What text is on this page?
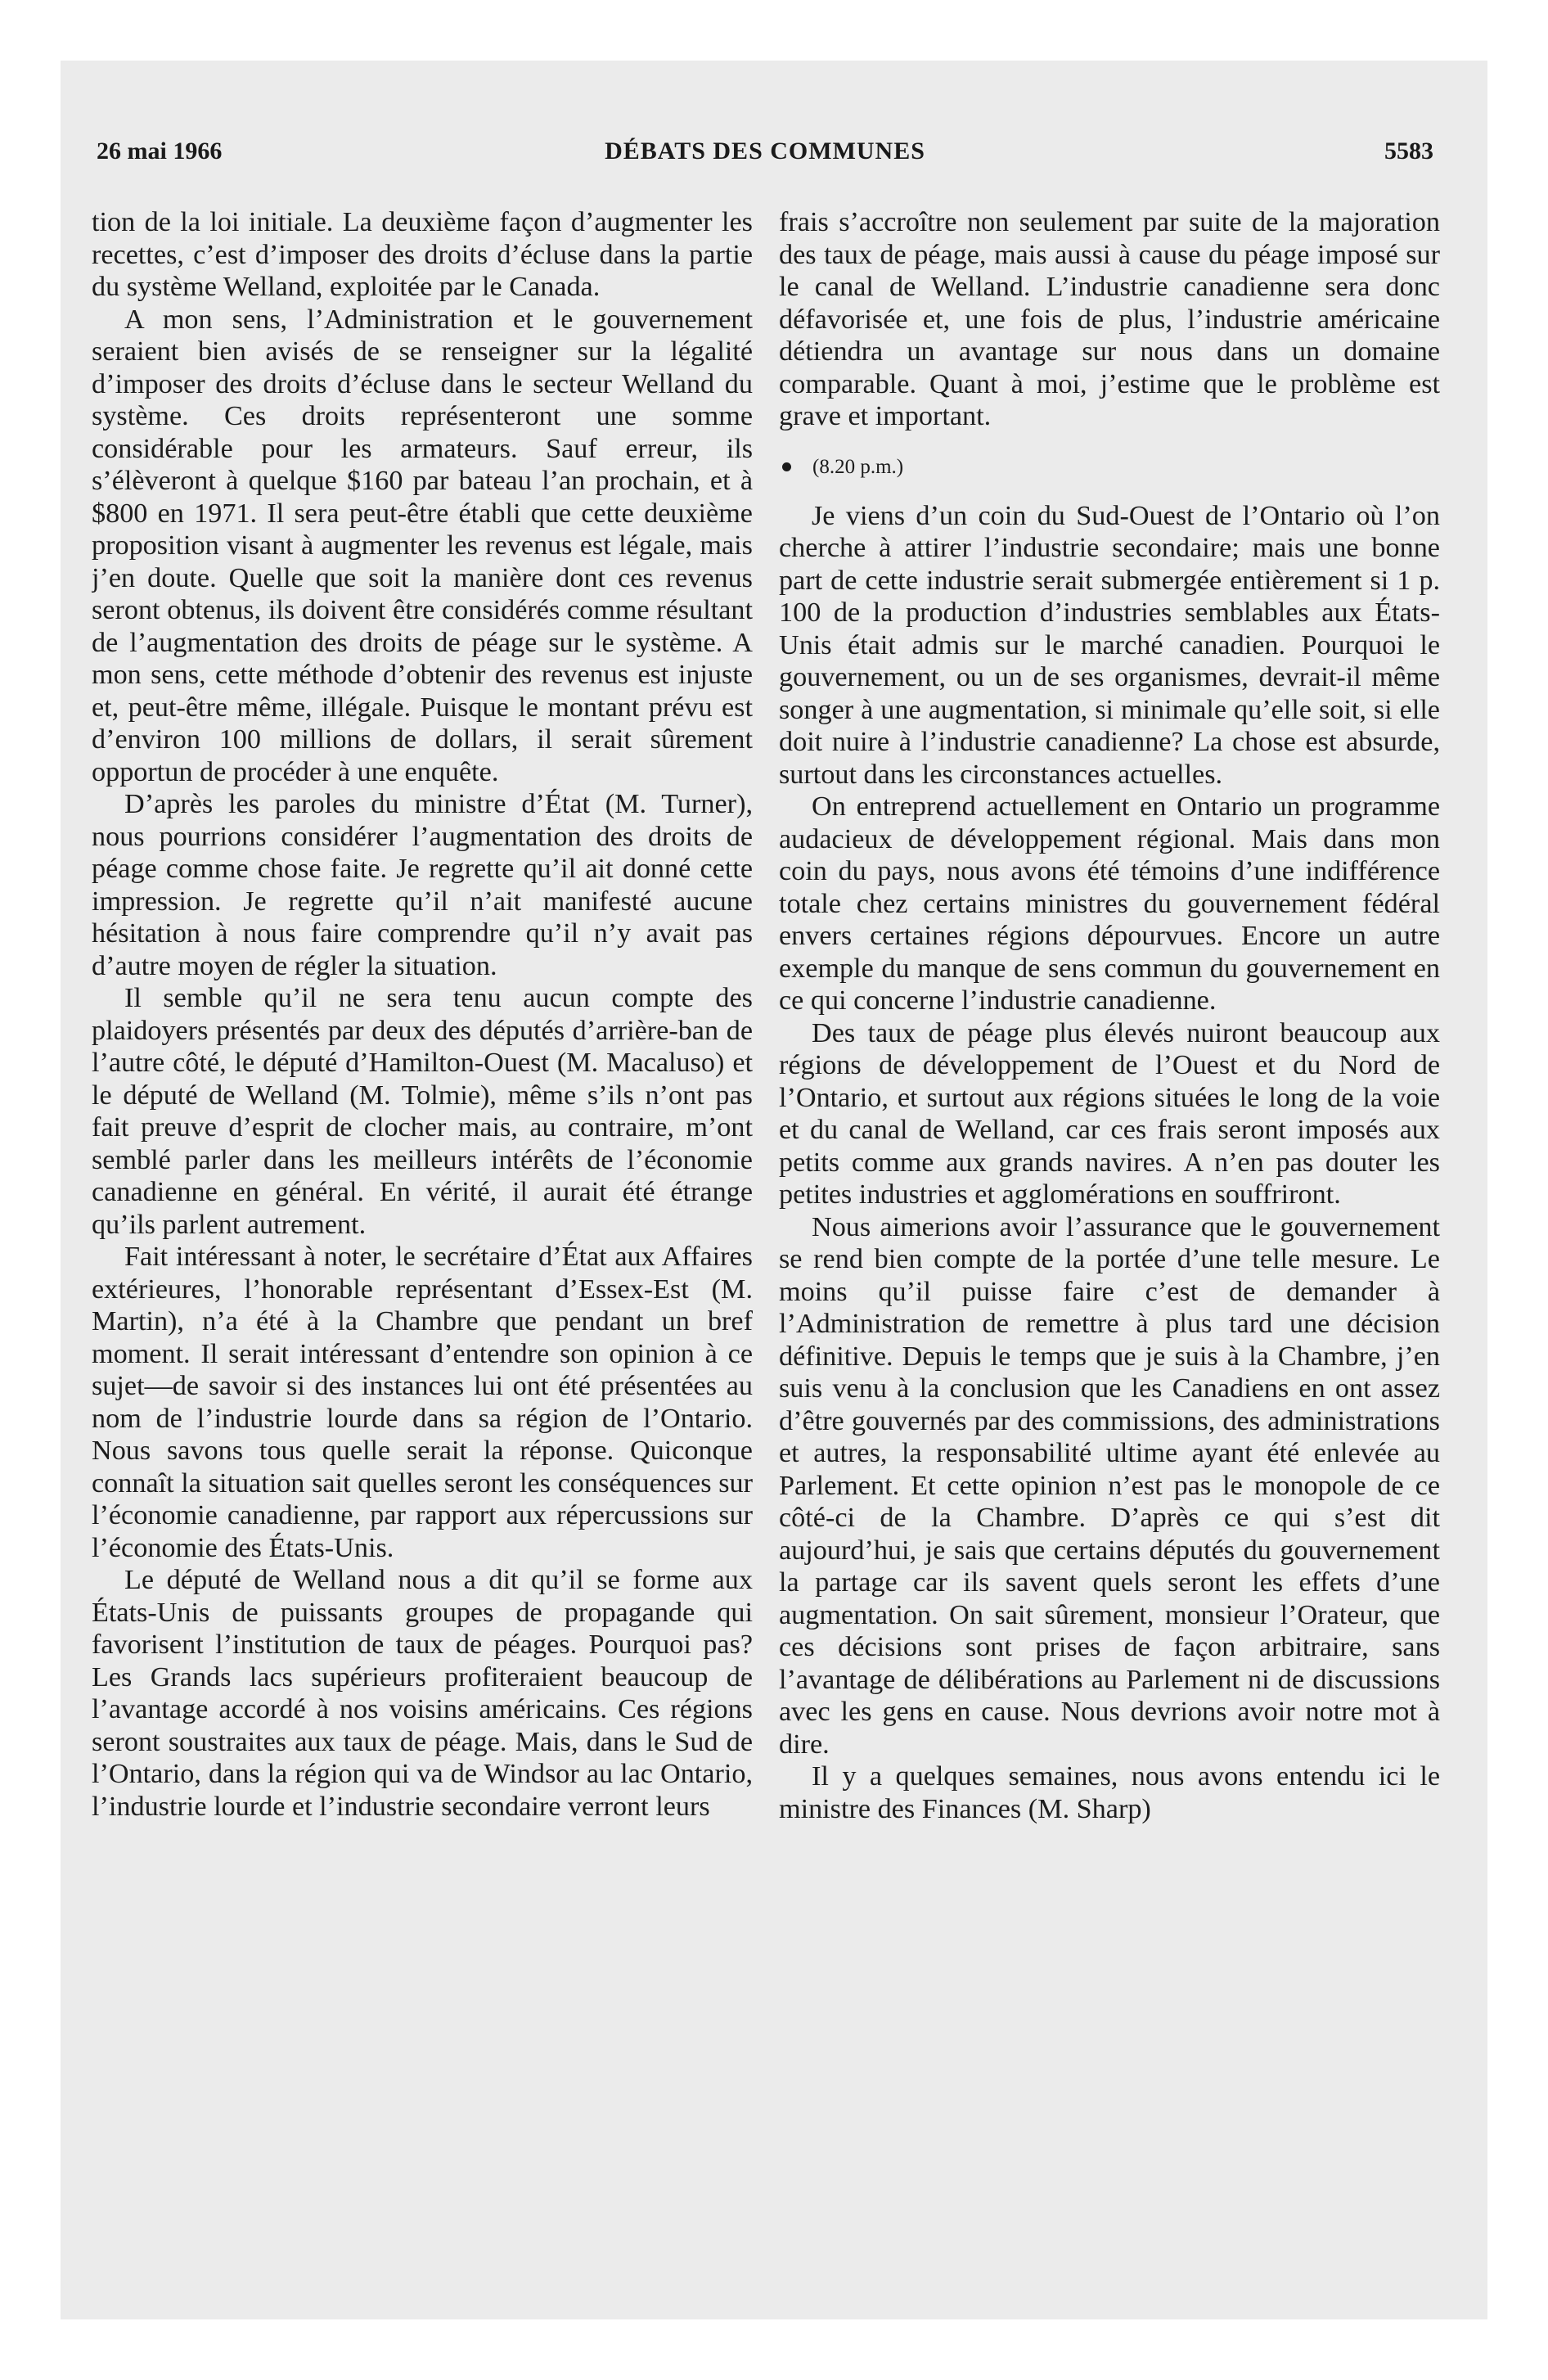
26 mai 1966	DÉBATS DES COMMUNES	5583

tion de la loi initiale. La deuxième façon d’augmenter les recettes, c’est d’imposer des droits d’écluse dans la partie du système Welland, exploitée par le Canada.

A mon sens, l’Administration et le gouvernement seraient bien avisés de se renseigner sur la légalité d’imposer des droits d’écluse dans le secteur Welland du système. Ces droits représenteront une somme considérable pour les armateurs. Sauf erreur, ils s’élèveront à quelque $160 par bateau l’an prochain, et à $800 en 1971. Il sera peut-être établi que cette deuxième proposition visant à augmenter les revenus est légale, mais j’en doute. Quelle que soit la manière dont ces revenus seront obtenus, ils doivent être considérés comme résultant de l’augmentation des droits de péage sur le système. A mon sens, cette méthode d’obtenir des revenus est injuste et, peut-être même, illégale. Puisque le montant prévu est d’environ 100 millions de dollars, il serait sûrement opportun de procéder à une enquête.

D’après les paroles du ministre d’État (M. Turner), nous pourrions considérer l’augmentation des droits de péage comme chose faite. Je regrette qu’il ait donné cette impression. Je regrette qu’il n’ait manifesté aucune hésitation à nous faire comprendre qu’il n’y avait pas d’autre moyen de régler la situation.

Il semble qu’il ne sera tenu aucun compte des plaidoyers présentés par deux des députés d’arrière-ban de l’autre côté, le député d’Hamilton-Ouest (M. Macaluso) et le député de Welland (M. Tolmie), même s’ils n’ont pas fait preuve d’esprit de clocher mais, au contraire, m’ont semblé parler dans les meilleurs intérêts de l’économie canadienne en général. En vérité, il aurait été étrange qu’ils parlent autrement.

Fait intéressant à noter, le secrétaire d’État aux Affaires extérieures, l’honorable représentant d’Essex-Est (M. Martin), n’a été à la Chambre que pendant un bref moment. Il serait intéressant d’entendre son opinion à ce sujet—de savoir si des instances lui ont été présentées au nom de l’industrie lourde dans sa région de l’Ontario. Nous savons tous quelle serait la réponse. Quiconque connaît la situation sait quelles seront les conséquences sur l’économie canadienne, par rapport aux répercussions sur l’économie des États-Unis.

Le député de Welland nous a dit qu’il se forme aux États-Unis de puissants groupes de propagande qui favorisent l’institution de taux de péages. Pourquoi pas? Les Grands lacs supérieurs profiteraient beaucoup de l’avantage accordé à nos voisins américains. Ces régions seront soustraites aux taux de péage. Mais, dans le Sud de l’Ontario, dans la région qui va de Windsor au lac Ontario, l’industrie lourde et l’industrie secondaire verront leurs

frais s’accroître non seulement par suite de la majoration des taux de péage, mais aussi à cause du péage imposé sur le canal de Welland. L’industrie canadienne sera donc défavorisée et, une fois de plus, l’industrie américaine détiendra un avantage sur nous dans un domaine comparable. Quant à moi, j’estime que le problème est grave et important.

(8.20 p.m.)

Je viens d’un coin du Sud-Ouest de l’Ontario où l’on cherche à attirer l’industrie secondaire; mais une bonne part de cette industrie serait submergée entièrement si 1 p. 100 de la production d’industries semblables aux États-Unis était admis sur le marché canadien. Pourquoi le gouvernement, ou un de ses organismes, devrait-il même songer à une augmentation, si minimale qu’elle soit, si elle doit nuire à l’industrie canadienne? La chose est absurde, surtout dans les circonstances actuelles.

On entreprend actuellement en Ontario un programme audacieux de développement régional. Mais dans mon coin du pays, nous avons été témoins d’une indifférence totale chez certains ministres du gouvernement fédéral envers certaines régions dépourvues. Encore un autre exemple du manque de sens commun du gouvernement en ce qui concerne l’industrie canadienne.

Des taux de péage plus élevés nuiront beaucoup aux régions de développement de l’Ouest et du Nord de l’Ontario, et surtout aux régions situées le long de la voie et du canal de Welland, car ces frais seront imposés aux petits comme aux grands navires. A n’en pas douter les petites industries et agglomérations en souffriront.

Nous aimerions avoir l’assurance que le gouvernement se rend bien compte de la portée d’une telle mesure. Le moins qu’il puisse faire c’est de demander à l’Administration de remettre à plus tard une décision définitive. Depuis le temps que je suis à la Chambre, j’en suis venu à la conclusion que les Canadiens en ont assez d’être gouvernés par des commissions, des administrations et autres, la responsabilité ultime ayant été enlevée au Parlement. Et cette opinion n’est pas le monopole de ce côté-ci de la Chambre. D’après ce qui s’est dit aujourd’hui, je sais que certains députés du gouvernement la partage car ils savent quels seront les effets d’une augmentation. On sait sûrement, monsieur l’Orateur, que ces décisions sont prises de façon arbitraire, sans l’avantage de délibérations au Parlement ni de discussions avec les gens en cause. Nous devrions avoir notre mot à dire.

Il y a quelques semaines, nous avons entendu ici le ministre des Finances (M. Sharp)
